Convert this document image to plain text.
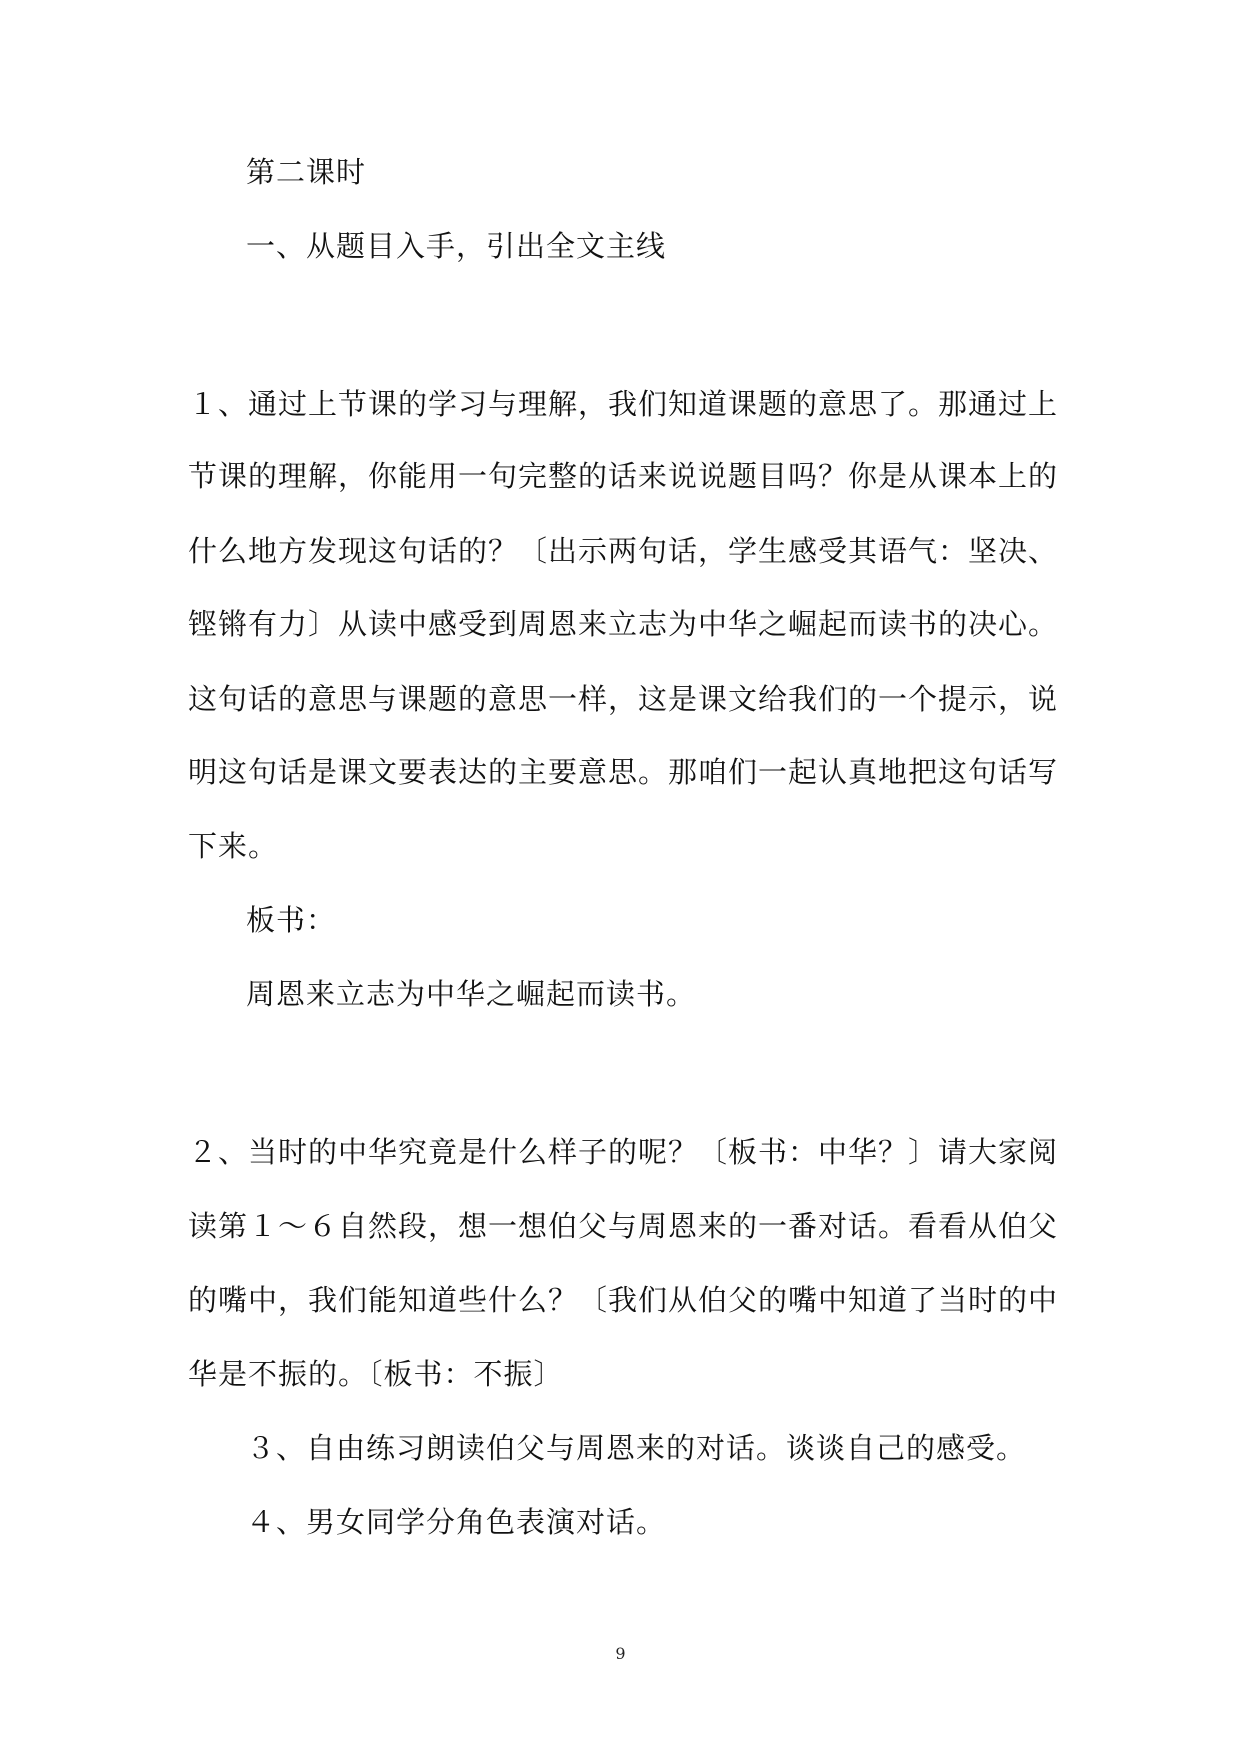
第二课时
一、从题目入手，引出全文主线
１、通过上节课的学习与理解，我们知道课题的意思了。那通过上
节课的理解，你能用一句完整的话来说说题目吗？你是从课本上的
什么地方发现这句话的？〔出示两句话，学生感受其语气：坚决、
铿锵有力〕从读中感受到周恩来立志为中华之崛起而读书的决心。
这句话的意思与课题的意思一样，这是课文给我们的一个提示，说
明这句话是课文要表达的主要意思。那咱们一起认真地把这句话写
下来。
板书：
周恩来立志为中华之崛起而读书。
２、当时的中华究竟是什么样子的呢？〔板书：中华？〕请大家阅
读第１～６自然段，想一想伯父与周恩来的一番对话。看看从伯父
的嘴中，我们能知道些什么？〔我们从伯父的嘴中知道了当时的中
华是不振的。〔板书：不振〕
３、自由练习朗读伯父与周恩来的对话。谈谈自己的感受。
４、男女同学分角色表演对话。
9
